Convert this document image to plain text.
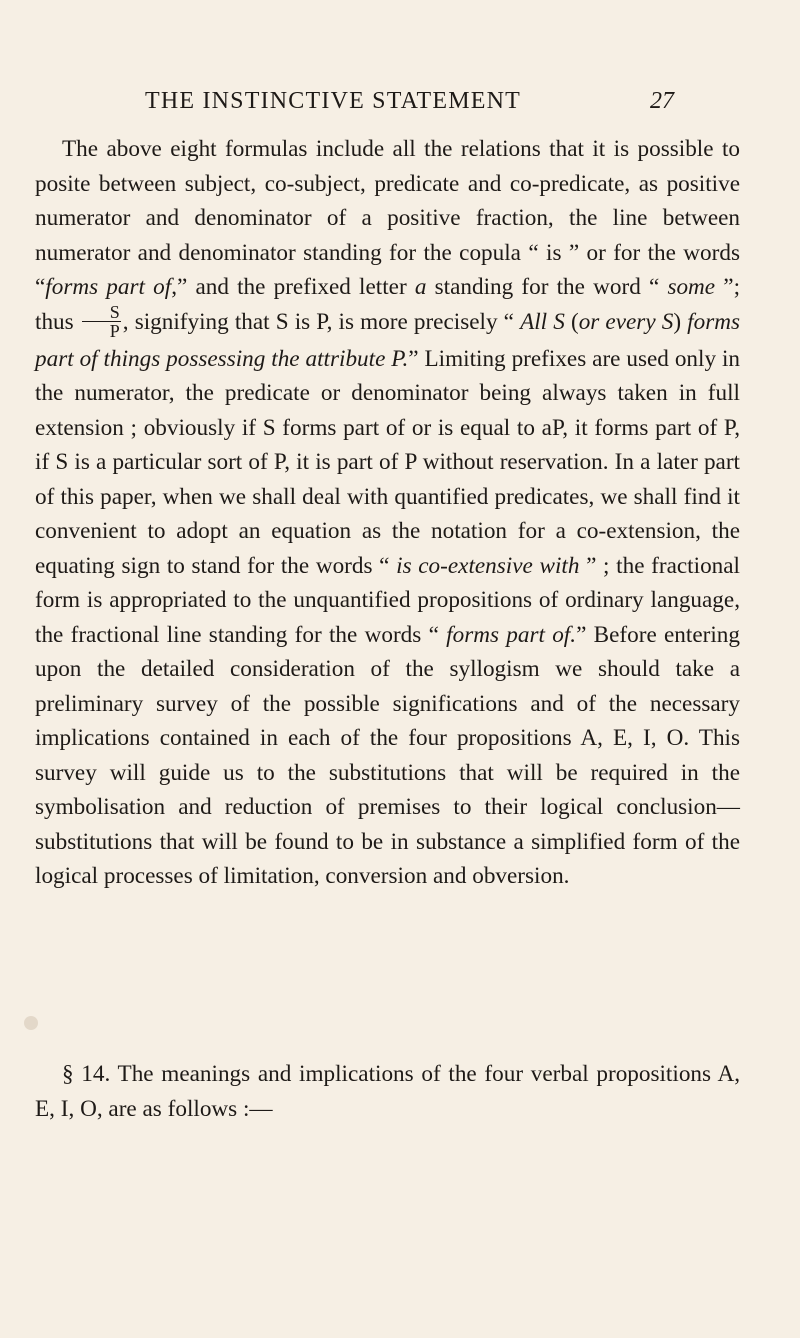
THE INSTINCTIVE STATEMENT	27

The above eight formulas include all the relations that it is possible to posite between subject, co-subject, predicate and co-predicate, as positive numerator and denominator of a positive fraction, the line between numerator and denominator standing for the copula “ is ” or for the words “forms part of,” and the prefixed letter a standing for the word “ some ”; thus $\frac{S}{P}$ , signifying that S is P, is more precisely “ All S (or every S) forms part of things possessing the attribute P.” Limiting prefixes are used only in the numerator, the predicate or denominator being always taken in full extension ; obviously if S forms part of or is equal to aP, it forms part of P, if S is a particular sort of P, it is part of P without reservation. In a later part of this paper, when we shall deal with quantified predicates, we shall find it convenient to adopt an equation as the notation for a co-extension, the equating sign to stand for the words “ is co-extensive with ” ; the fractional form is appropriated to the unquantified propositions of ordinary language, the fractional line standing for the words “ forms part of.” Before entering upon the detailed consideration of the syllogism we should take a preliminary survey of the possible significations and of the necessary implications contained in each of the four propositions A, E, I, O. This survey will guide us to the substitutions that will be required in the symbolisation and reduction of premises to their logical conclusion—substitutions that will be found to be in substance a simplified form of the logical processes of limitation, conversion and obversion.

§ 14. The meanings and implications of the four verbal propositions A, E, I, O, are as follows :—
